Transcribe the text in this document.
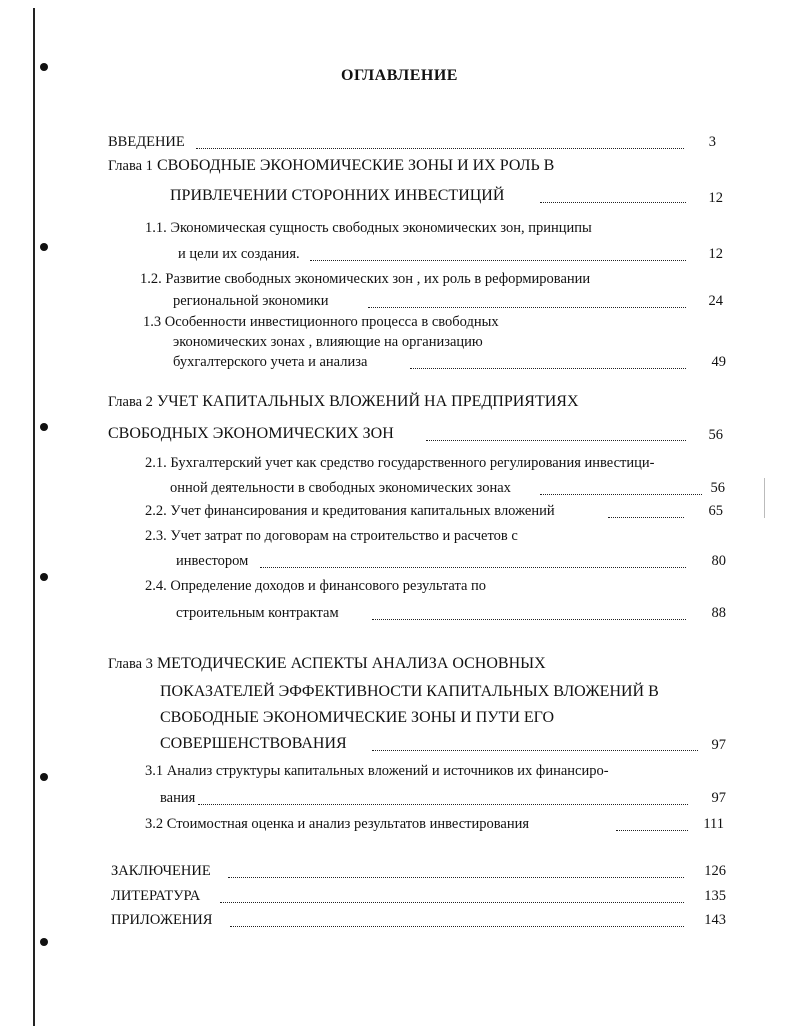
ОГЛАВЛЕНИЕ
ВВЕДЕНИЕ	3
Глава 1 СВОБОДНЫЕ ЭКОНОМИЧЕСКИЕ ЗОНЫ И ИХ РОЛЬ В
ПРИВЛЕЧЕНИИ СТОРОННИХ ИНВЕСТИЦИЙ	12
1.1. Экономическая сущность свободных экономических зон, принципы
и цели их создания.	12
1.2. Развитие свободных экономических зон , их роль в реформировании
региональной экономики	24
1.3 Особенности инвестиционного процесса в свободных
экономических зонах , влияющие на организацию
бухгалтерского учета и анализа	49
Глава 2 УЧЕТ КАПИТАЛЬНЫХ ВЛОЖЕНИЙ НА ПРЕДПРИЯТИЯХ
СВОБОДНЫХ ЭКОНОМИЧЕСКИХ ЗОН	56
2.1. Бухгалтерский учет как средство государственного регулирования инвестици-
онной деятельности в свободных экономических зонах	56
2.2. Учет финансирования и кредитования капитальных вложений	65
2.3. Учет затрат по договорам на строительство и расчетов с
инвестором	80
2.4. Определение доходов и финансового результата по
строительным контрактам	88
Глава 3 МЕТОДИЧЕСКИЕ АСПЕКТЫ АНАЛИЗА ОСНОВНЫХ
ПОКАЗАТЕЛЕЙ ЭФФЕКТИВНОСТИ КАПИТАЛЬНЫХ ВЛОЖЕНИЙ В
СВОБОДНЫЕ ЭКОНОМИЧЕСКИЕ ЗОНЫ И ПУТИ ЕГО
СОВЕРШЕНСТВОВАНИЯ	97
3.1 Анализ структуры капитальных вложений и источников их финансиро-
вания	97
3.2 Стоимостная оценка и анализ результатов инвестирования	111
ЗАКЛЮЧЕНИЕ	126
ЛИТЕРАТУРА	135
ПРИЛОЖЕНИЯ	143
